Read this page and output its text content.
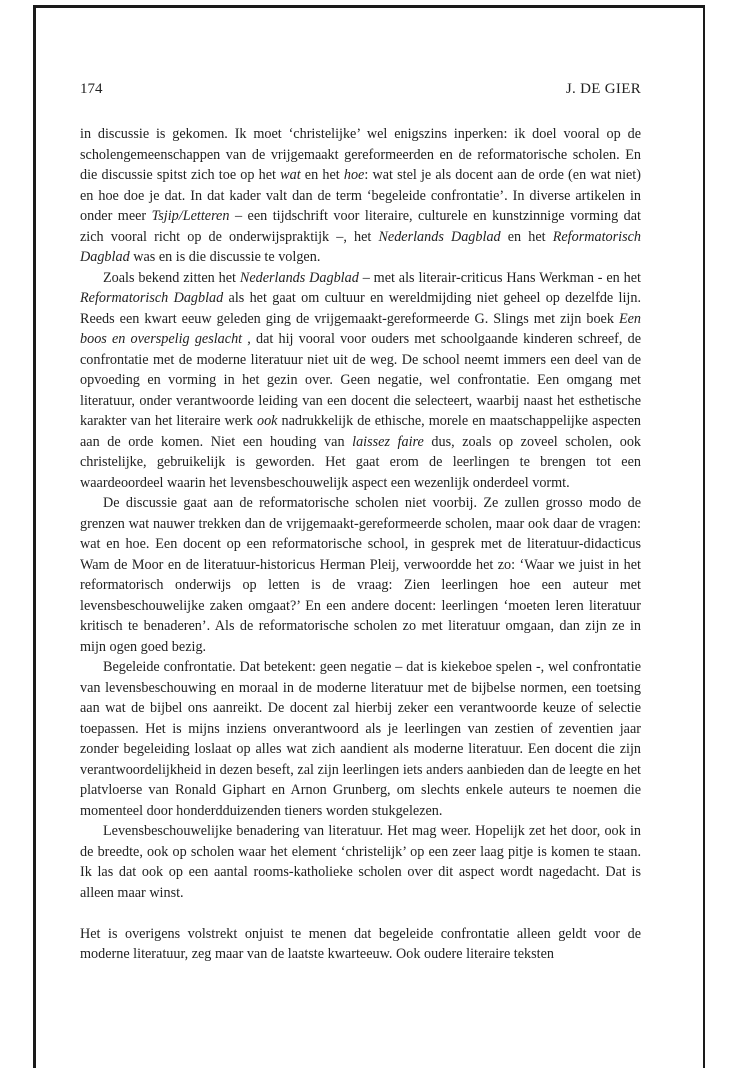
174	J. DE GIER

in discussie is gekomen. Ik moet ‘christelijke’ wel enigszins inperken: ik doel vooral op de scholengemeenschappen van de vrijgemaakt gereformeerden en de reformatorische scholen. En die discussie spitst zich toe op het wat en het hoe: wat stel je als docent aan de orde (en wat niet) en hoe doe je dat. In dat kader valt dan de term ‘begeleide confrontatie’. In diverse artikelen in onder meer Tsjip/Letteren – een tijdschrift voor literaire, culturele en kunstzinnige vorming dat zich vooral richt op de onderwijspraktijk –, het Nederlands Dagblad en het Reformatorisch Dagblad was en is die discussie te volgen.

Zoals bekend zitten het Nederlands Dagblad – met als literair-criticus Hans Werkman - en het Reformatorisch Dagblad als het gaat om cultuur en wereldmijding niet geheel op dezelfde lijn. Reeds een kwart eeuw geleden ging de vrijgemaakt-gereformeerde G. Slings met zijn boek Een boos en overspelig geslacht , dat hij vooral voor ouders met schoolgaande kinderen schreef, de confrontatie met de moderne literatuur niet uit de weg. De school neemt immers een deel van de opvoeding en vorming in het gezin over. Geen negatie, wel confrontatie. Een omgang met literatuur, onder verantwoorde leiding van een docent die selecteert, waarbij naast het esthetische karakter van het literaire werk ook nadrukkelijk de ethische, morele en maatschappelijke aspecten aan de orde komen. Niet een houding van laissez faire dus, zoals op zoveel scholen, ook christelijke, gebruikelijk is geworden. Het gaat erom de leerlingen te brengen tot een waardeoordeel waarin het levensbeschouwelijk aspect een wezenlijk onderdeel vormt.

De discussie gaat aan de reformatorische scholen niet voorbij. Ze zullen grosso modo de grenzen wat nauwer trekken dan de vrijgemaakt-gereformeerde scholen, maar ook daar de vragen: wat en hoe. Een docent op een reformatorische school, in gesprek met de literatuur-didacticus Wam de Moor en de literatuur-historicus Herman Pleij, verwoordde het zo: ‘Waar we juist in het reformatorisch onderwijs op letten is de vraag: Zien leerlingen hoe een auteur met levensbeschouwelijke zaken omgaat?’ En een andere docent: leerlingen ‘moeten leren literatuur kritisch te benaderen’. Als de reformatorische scholen zo met literatuur omgaan, dan zijn ze in mijn ogen goed bezig.

Begeleide confrontatie. Dat betekent: geen negatie – dat is kiekeboe spelen -, wel confrontatie van levensbeschouwing en moraal in de moderne literatuur met de bijbelse normen, een toetsing aan wat de bijbel ons aanreikt. De docent zal hierbij zeker een verantwoorde keuze of selectie toepassen. Het is mijns inziens onverantwoord als je leerlingen van zestien of zeventien jaar zonder begeleiding loslaat op alles wat zich aandient als moderne literatuur. Een docent die zijn verantwoordelijkheid in dezen beseft, zal zijn leerlingen iets anders aanbieden dan de leegte en het platvloerse van Ronald Giphart en Arnon Grunberg, om slechts enkele auteurs te noemen die momenteel door honderdduizenden tieners worden stukgelezen.

Levensbeschouwelijke benadering van literatuur. Het mag weer. Hopelijk zet het door, ook in de breedte, ook op scholen waar het element ‘christelijk’ op een zeer laag pitje is komen te staan. Ik las dat ook op een aantal rooms-katholieke scholen over dit aspect wordt nagedacht. Dat is alleen maar winst.

Het is overigens volstrekt onjuist te menen dat begeleide confrontatie alleen geldt voor de moderne literatuur, zeg maar van de laatste kwarteeuw. Ook oudere literaire teksten
